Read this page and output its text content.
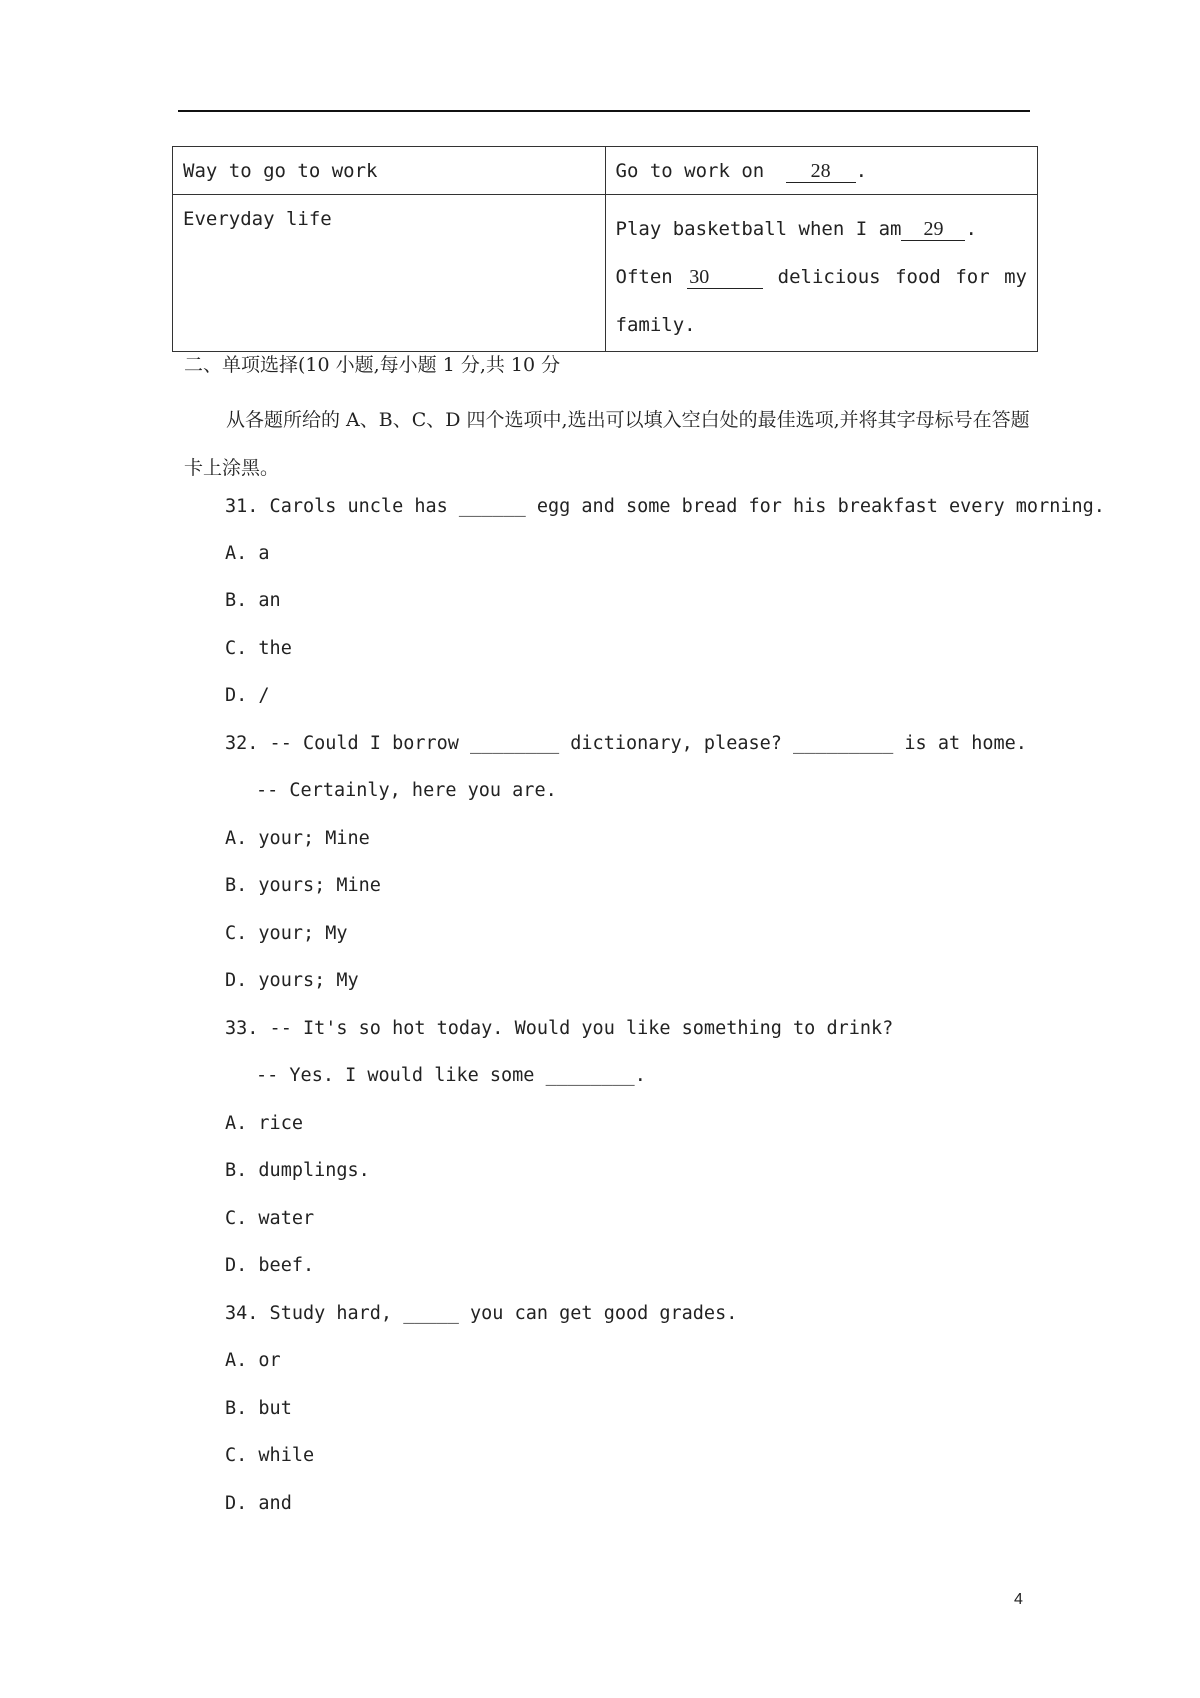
Way to go to work	Go to work on 28 .
Everyday life	Play basketball when I am 29 .

Often 30 delicious food for my

family.

二、单项选择(10 小题,每小题 1 分,共 10 分

从各题所给的 A、B、C、D 四个选项中,选出可以填入空白处的最佳选项,并将其字母标号在答题卡上涂黑。

31. Carols uncle has ______ egg and some bread for his breakfast every morning.
A. a
B. an
C. the
D. /
32. -- Could I borrow ________ dictionary, please? _________ is at home.
-- Certainly, here you are.
A. your; Mine
B. yours; Mine
C. your; My
D. yours; My
33. -- It's so hot today. Would you like something to drink?
-- Yes. I would like some ________.
A. rice
B. dumplings.
C. water
D. beef.
34. Study hard, _____ you can get good grades.
A. or
B. but
C. while
D. and
4
